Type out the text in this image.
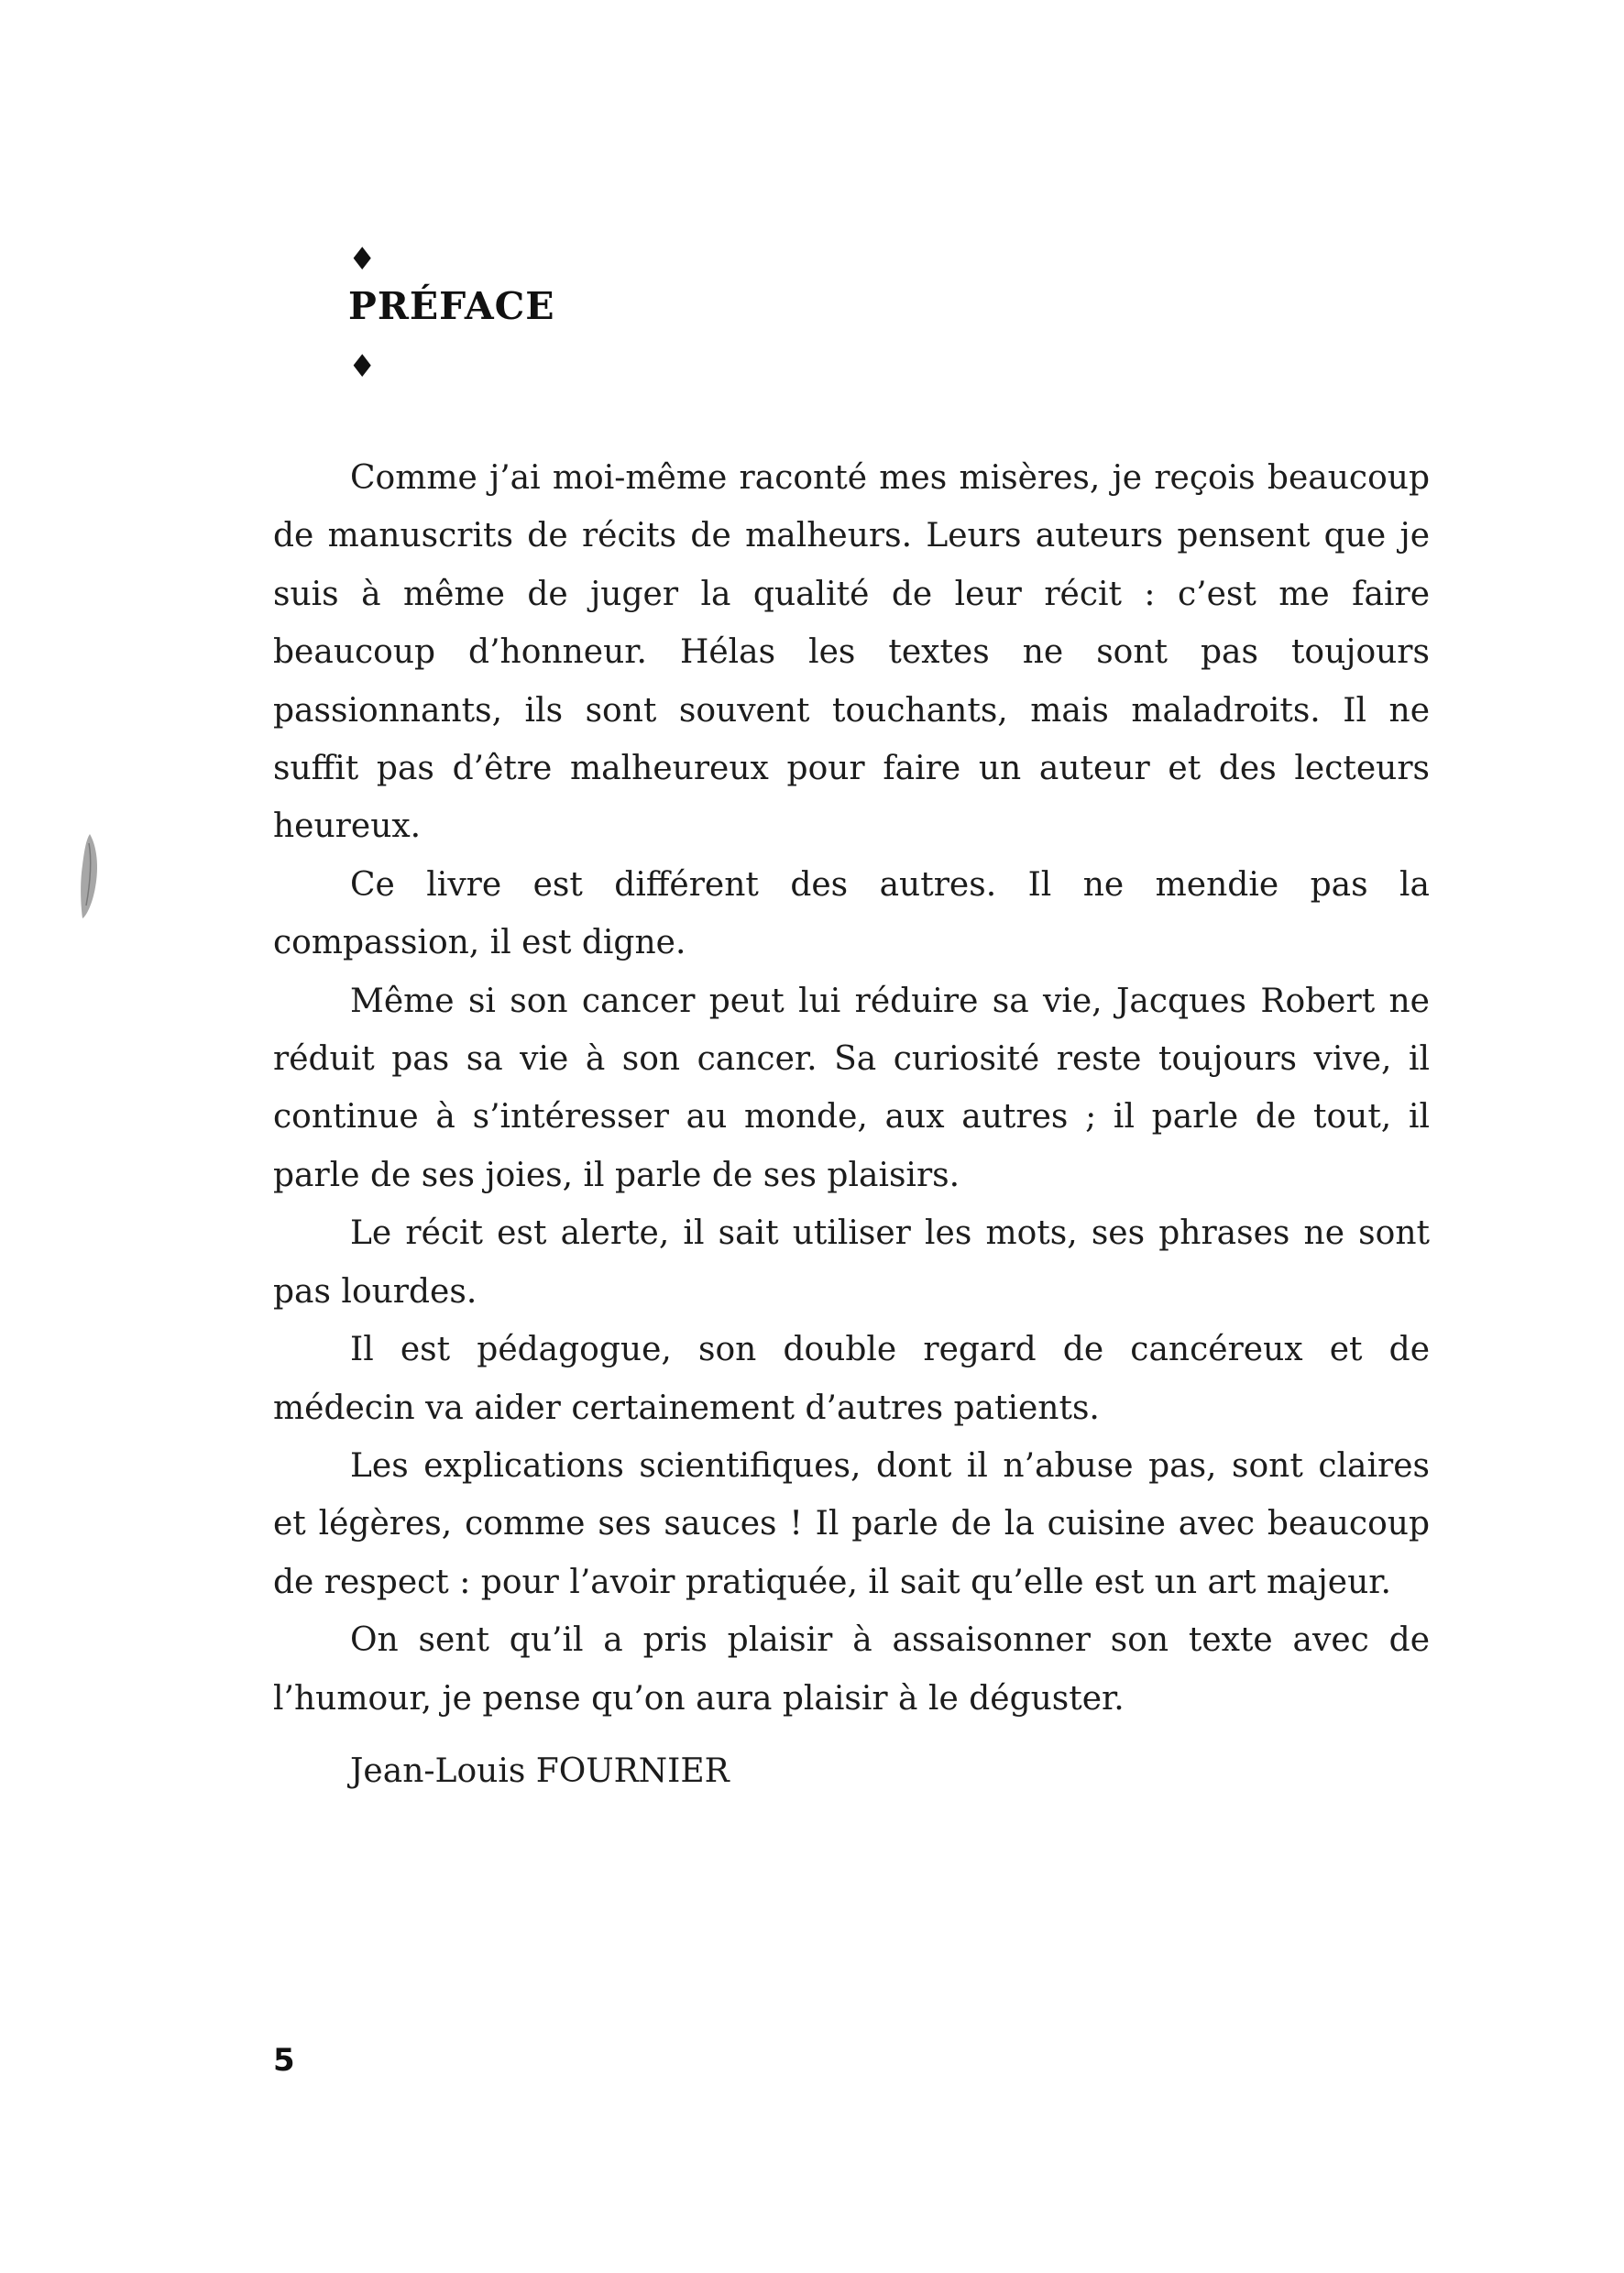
♦
PRÉFACE
♦

Comme j’ai moi-même raconté mes misères, je reçois beaucoup de manuscrits de récits de malheurs. Leurs auteurs pensent que je suis à même de juger la qualité de leur récit : c’est me faire beaucoup d’honneur. Hélas les textes ne sont pas toujours passionnants, ils sont souvent touchants, mais maladroits. Il ne suffit pas d’être malheureux pour faire un auteur et des lecteurs heureux.

Ce livre est différent des autres. Il ne mendie pas la compassion, il est digne.

Même si son cancer peut lui réduire sa vie, Jacques Robert ne réduit pas sa vie à son cancer. Sa curiosité reste toujours vive, il continue à s’intéresser au monde, aux autres ; il parle de tout, il parle de ses joies, il parle de ses plaisirs.

Le récit est alerte, il sait utiliser les mots, ses phrases ne sont pas lourdes.

Il est pédagogue, son double regard de cancéreux et de médecin va aider certainement d’autres patients.

Les explications scientifiques, dont il n’abuse pas, sont claires et légères, comme ses sauces ! Il parle de la cuisine avec beaucoup de respect : pour l’avoir pratiquée, il sait qu’elle est un art majeur.

On sent qu’il a pris plaisir à assaisonner son texte avec de l’humour, je pense qu’on aura plaisir à le déguster.

Jean-Louis FOURNIER
5
